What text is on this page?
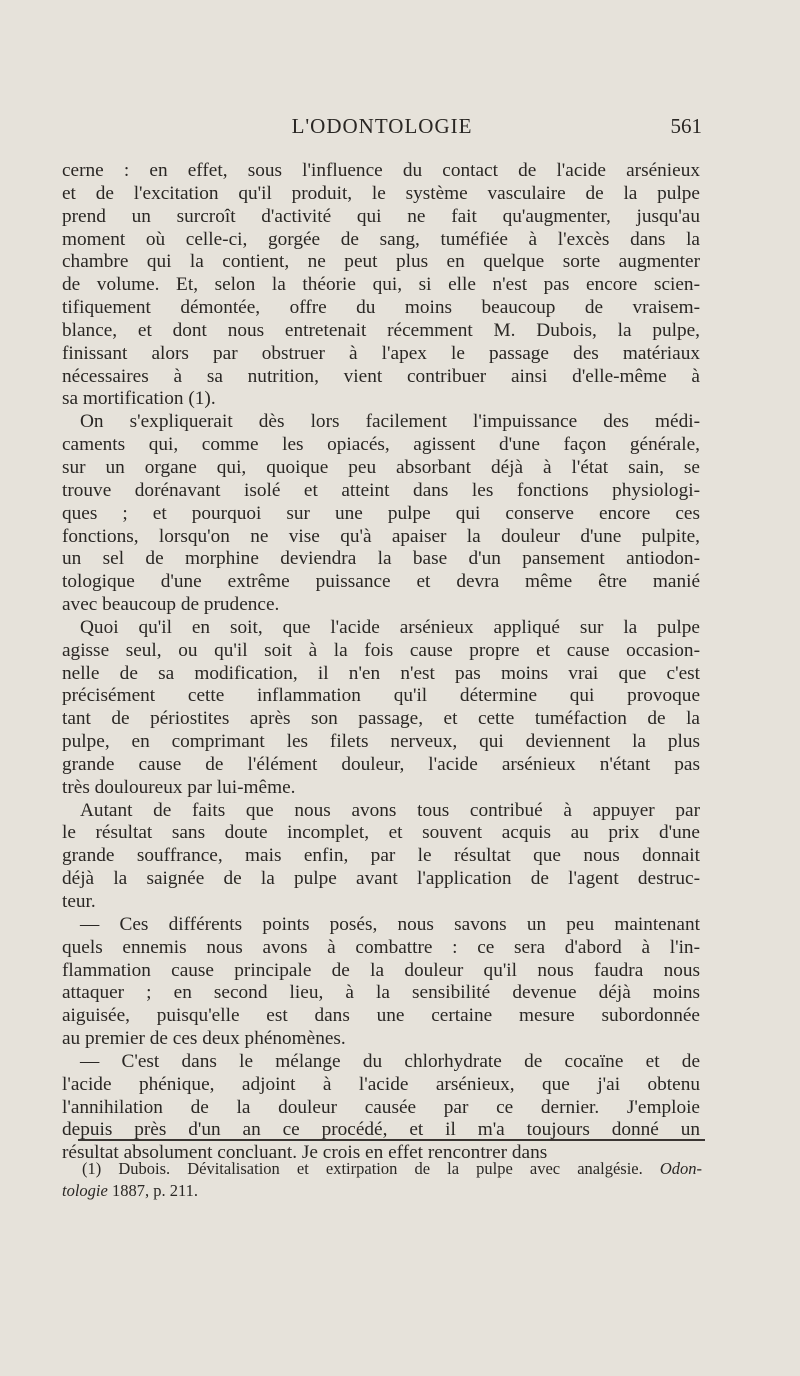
L'ODONTOLOGIE	561
cerne : en effet, sous l'influence du contact de l'acide arsénieux
et de l'excitation qu'il produit, le système vasculaire de la pulpe
prend un surcroît d'activité qui ne fait qu'augmenter, jusqu'au
moment où celle-ci, gorgée de sang, tuméfiée à l'excès dans la
chambre qui la contient, ne peut plus en quelque sorte augmenter
de volume. Et, selon la théorie qui, si elle n'est pas encore scien-
tifiquement démontée, offre du moins beaucoup de vraisem-
blance, et dont nous entretenait récemment M. Dubois, la pulpe,
finissant alors par obstruer à l'apex le passage des matériaux
nécessaires à sa nutrition, vient contribuer ainsi d'elle-même à
sa mortification (1).
On s'expliquerait dès lors facilement l'impuissance des médi-
caments qui, comme les opiacés, agissent d'une façon générale,
sur un organe qui, quoique peu absorbant déjà à l'état sain, se
trouve dorénavant isolé et atteint dans les fonctions physiologi-
ques ; et pourquoi sur une pulpe qui conserve encore ces
fonctions, lorsqu'on ne vise qu'à apaiser la douleur d'une pulpite,
un sel de morphine deviendra la base d'un pansement antiodon-
tologique d'une extrême puissance et devra même être manié
avec beaucoup de prudence.
Quoi qu'il en soit, que l'acide arsénieux appliqué sur la pulpe
agisse seul, ou qu'il soit à la fois cause propre et cause occasion-
nelle de sa modification, il n'en n'est pas moins vrai que c'est
précisément cette inflammation qu'il détermine qui provoque
tant de périostites après son passage, et cette tuméfaction de la
pulpe, en comprimant les filets nerveux, qui deviennent la plus
grande cause de l'élément douleur, l'acide arsénieux n'étant pas
très douloureux par lui-même.
Autant de faits que nous avons tous contribué à appuyer par
le résultat sans doute incomplet, et souvent acquis au prix d'une
grande souffrance, mais enfin, par le résultat que nous donnait
déjà la saignée de la pulpe avant l'application de l'agent destruc-
teur.
— Ces différents points posés, nous savons un peu maintenant
quels ennemis nous avons à combattre : ce sera d'abord à l'in-
flammation cause principale de la douleur qu'il nous faudra nous
attaquer ; en second lieu, à la sensibilité devenue déjà moins
aiguisée, puisqu'elle est dans une certaine mesure subordonnée
au premier de ces deux phénomènes.
— C'est dans le mélange du chlorhydrate de cocaïne et de
l'acide phénique, adjoint à l'acide arsénieux, que j'ai obtenu
l'annihilation de la douleur causée par ce dernier. J'emploie
depuis près d'un an ce procédé, et il m'a toujours donné un
résultat absolument concluant. Je crois en effet rencontrer dans
(1) Dubois. Dévitalisation et extirpation de la pulpe avec analgésie. Odon-
tologie 1887, p. 211.
